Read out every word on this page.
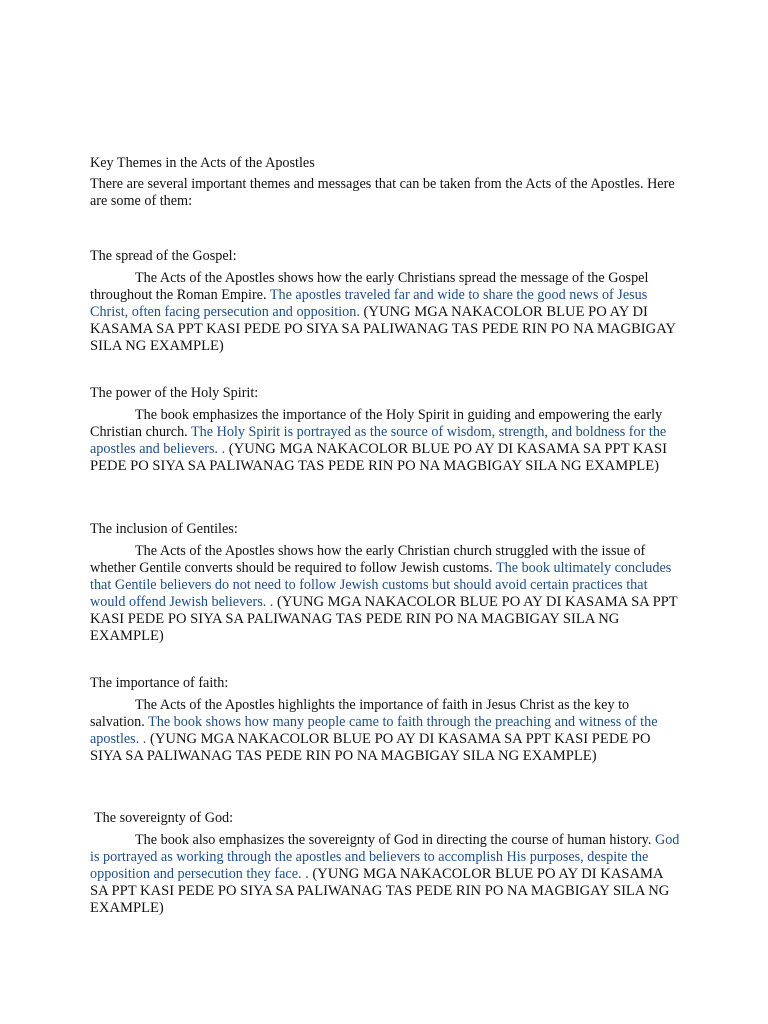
Key Themes in the Acts of the Apostles

There are several important themes and messages that can be taken from the Acts of the Apostles. Here are some of them:

The spread of the Gospel:

The Acts of the Apostles shows how the early Christians spread the message of the Gospel throughout the Roman Empire. The apostles traveled far and wide to share the good news of Jesus Christ, often facing persecution and opposition. (YUNG MGA NAKACOLOR BLUE PO AY DI KASAMA SA PPT KASI PEDE PO SIYA SA PALIWANAG TAS PEDE RIN PO NA MAGBIGAY SILA NG EXAMPLE)

The power of the Holy Spirit:

The book emphasizes the importance of the Holy Spirit in guiding and empowering the early Christian church. The Holy Spirit is portrayed as the source of wisdom, strength, and boldness for the apostles and believers. . (YUNG MGA NAKACOLOR BLUE PO AY DI KASAMA SA PPT KASI PEDE PO SIYA SA PALIWANAG TAS PEDE RIN PO NA MAGBIGAY SILA NG EXAMPLE)

The inclusion of Gentiles:

The Acts of the Apostles shows how the early Christian church struggled with the issue of whether Gentile converts should be required to follow Jewish customs. The book ultimately concludes that Gentile believers do not need to follow Jewish customs but should avoid certain practices that would offend Jewish believers. . (YUNG MGA NAKACOLOR BLUE PO AY DI KASAMA SA PPT KASI PEDE PO SIYA SA PALIWANAG TAS PEDE RIN PO NA MAGBIGAY SILA NG EXAMPLE)

The importance of faith:

The Acts of the Apostles highlights the importance of faith in Jesus Christ as the key to salvation. The book shows how many people came to faith through the preaching and witness of the apostles. . (YUNG MGA NAKACOLOR BLUE PO AY DI KASAMA SA PPT KASI PEDE PO SIYA SA PALIWANAG TAS PEDE RIN PO NA MAGBIGAY SILA NG EXAMPLE)

The sovereignty of God:

The book also emphasizes the sovereignty of God in directing the course of human history. God is portrayed as working through the apostles and believers to accomplish His purposes, despite the opposition and persecution they face. . (YUNG MGA NAKACOLOR BLUE PO AY DI KASAMA SA PPT KASI PEDE PO SIYA SA PALIWANAG TAS PEDE RIN PO NA MAGBIGAY SILA NG EXAMPLE)
